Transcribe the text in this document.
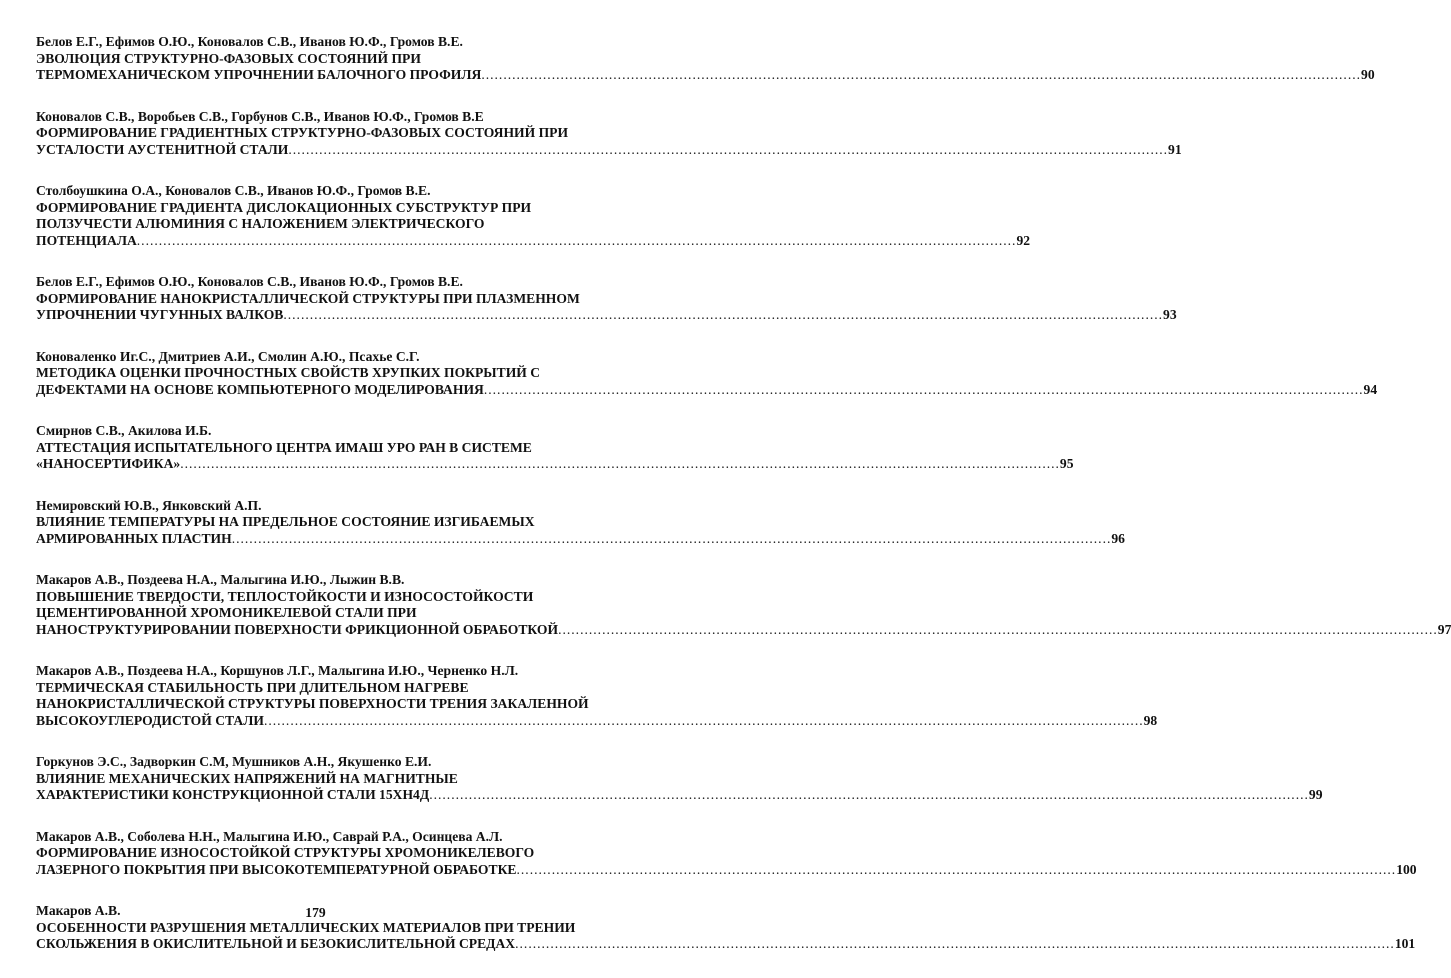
Белов Е.Г., Ефимов О.Ю., Коновалов С.В., Иванов Ю.Ф., Громов В.Е.
ЭВОЛЮЦИЯ СТРУКТУРНО-ФАЗОВЫХ СОСТОЯНИЙ ПРИ
ТЕРМОМЕХАНИЧЕСКОМ УПРОЧНЕНИИ БАЛОЧНОГО ПРОФИЛЯ ........................................................................................................................................................................................................ 90
Коновалов С.В., Воробьев С.В., Горбунов С.В., Иванов Ю.Ф., Громов В.Е
ФОРМИРОВАНИЕ ГРАДИЕНТНЫХ СТРУКТУРНО-ФАЗОВЫХ СОСТОЯНИЙ ПРИ
УСТАЛОСТИ АУСТЕНИТНОЙ СТАЛИ ........................................................................................................................................................................................................ 91
Столбоушкина О.А., Коновалов С.В., Иванов Ю.Ф., Громов В.Е.
ФОРМИРОВАНИЕ ГРАДИЕНТА ДИСЛОКАЦИОННЫХ СУБСТРУКТУР ПРИ
ПОЛЗУЧЕСТИ АЛЮМИНИЯ С НАЛОЖЕНИЕМ ЭЛЕКТРИЧЕСКОГО
ПОТЕНЦИАЛА ........................................................................................................................................................................................................ 92
Белов Е.Г., Ефимов О.Ю., Коновалов С.В., Иванов Ю.Ф., Громов В.Е.
ФОРМИРОВАНИЕ НАНОКРИСТАЛЛИЧЕСКОЙ СТРУКТУРЫ ПРИ ПЛАЗМЕННОМ
УПРОЧНЕНИИ ЧУГУННЫХ ВАЛКОВ ........................................................................................................................................................................................................ 93
Коноваленко Иг.С., Дмитриев А.И., Смолин А.Ю., Псахье С.Г.
МЕТОДИКА ОЦЕНКИ ПРОЧНОСТНЫХ СВОЙСТВ ХРУПКИХ ПОКРЫТИЙ С
ДЕФЕКТАМИ НА ОСНОВЕ КОМПЬЮТЕРНОГО МОДЕЛИРОВАНИЯ ........................................................................................................................................................................................................ 94
Смирнов С.В., Акилова И.Б.
АТТЕСТАЦИЯ ИСПЫТАТЕЛЬНОГО ЦЕНТРА ИМАШ УРО РАН В СИСТЕМЕ
«НАНОСЕРТИФИКА» ........................................................................................................................................................................................................ 95
Немировский Ю.В., Янковский А.П.
ВЛИЯНИЕ ТЕМПЕРАТУРЫ НА ПРЕДЕЛЬНОЕ СОСТОЯНИЕ ИЗГИБАЕМЫХ
АРМИРОВАННЫХ ПЛАСТИН ........................................................................................................................................................................................................ 96
Макаров А.В., Поздеева Н.А., Малыгина И.Ю., Лыжин В.В.
ПОВЫШЕНИЕ ТВЕРДОСТИ, ТЕПЛОСТОЙКОСТИ И ИЗНОСОСТОЙКОСТИ
ЦЕМЕНТИРОВАННОЙ ХРОМОНИКЕЛЕВОЙ СТАЛИ ПРИ
НАНОСТРУКТУРИРОВАНИИ ПОВЕРХНОСТИ ФРИКЦИОННОЙ ОБРАБОТКОЙ ........................................................................................................................................................................................................ 97
Макаров А.В., Поздеева Н.А., Коршунов Л.Г., Малыгина И.Ю., Черненко Н.Л.
ТЕРМИЧЕСКАЯ СТАБИЛЬНОСТЬ ПРИ ДЛИТЕЛЬНОМ НАГРЕВЕ
НАНОКРИСТАЛЛИЧЕСКОЙ СТРУКТУРЫ ПОВЕРХНОСТИ ТРЕНИЯ ЗАКАЛЕННОЙ
ВЫСОКОУГЛЕРОДИСТОЙ СТАЛИ ........................................................................................................................................................................................................ 98
Горкунов Э.С., Задворкин С.М, Мушников А.Н., Якушенко Е.И.
ВЛИЯНИЕ МЕХАНИЧЕСКИХ НАПРЯЖЕНИЙ НА МАГНИТНЫЕ
ХАРАКТЕРИСТИКИ КОНСТРУКЦИОННОЙ СТАЛИ 15ХН4Д ........................................................................................................................................................................................................ 99
Макаров А.В., Соболева Н.Н., Малыгина И.Ю., Саврай Р.А., Осинцева А.Л.
ФОРМИРОВАНИЕ ИЗНОСОСТОЙКОЙ СТРУКТУРЫ ХРОМОНИКЕЛЕВОГО
ЛАЗЕРНОГО ПОКРЫТИЯ ПРИ ВЫСОКОТЕМПЕРАТУРНОЙ ОБРАБОТКЕ ........................................................................................................................................................................................................ 100
Макаров А.В.
ОСОБЕННОСТИ РАЗРУШЕНИЯ МЕТАЛЛИЧЕСКИХ МАТЕРИАЛОВ ПРИ ТРЕНИИ
СКОЛЬЖЕНИЯ В ОКИСЛИТЕЛЬНОЙ И БЕЗОКИСЛИТЕЛЬНОЙ СРЕДАХ ........................................................................................................................................................................................................ 101
179
